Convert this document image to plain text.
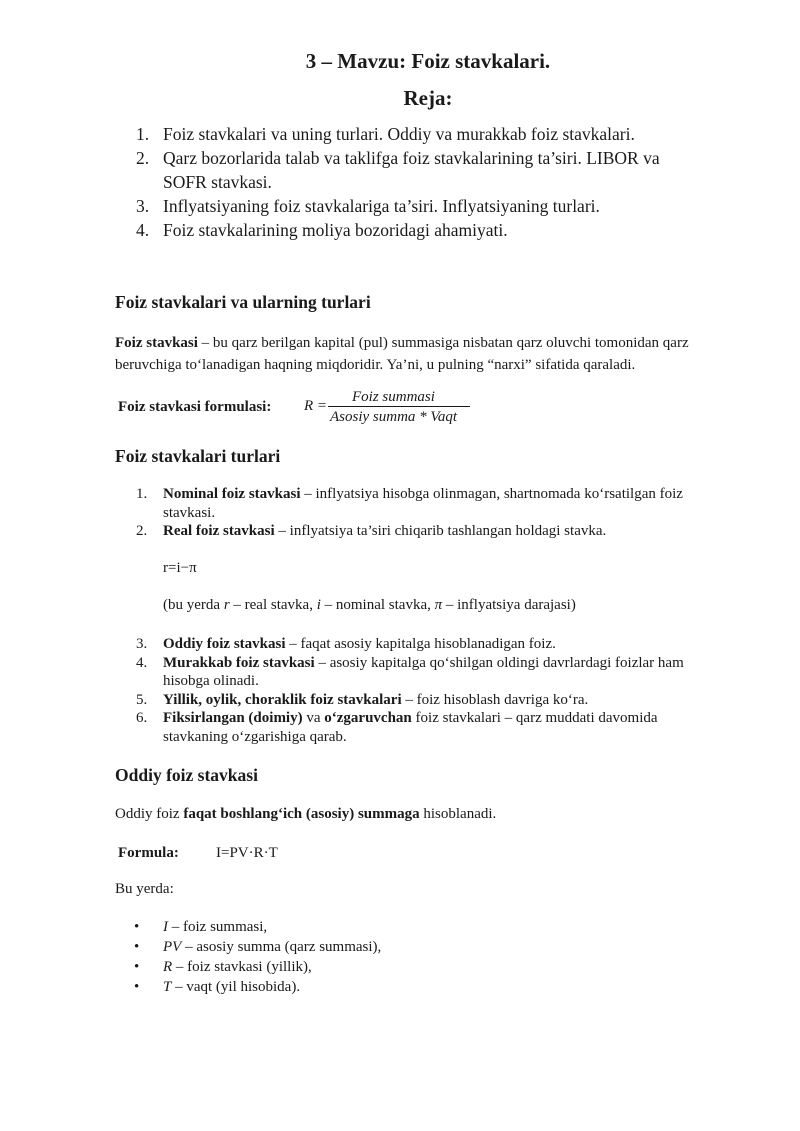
3 – Mavzu: Foiz stavkalari.
Reja:
1. Foiz stavkalari va uning turlari. Oddiy va murakkab foiz stavkalari.
2. Qarz bozorlarida talab va taklifga foiz stavkalarining ta’siri. LIBOR va SOFR stavkasi.
3. Inflyatsiyaning foiz stavkalariga ta’siri. Inflyatsiyaning turlari.
4. Foiz stavkalarining moliya bozoridagi ahamiyati.
Foiz stavkalari va ularning turlari
Foiz stavkasi – bu qarz berilgan kapital (pul) summasiga nisbatan qarz oluvchi tomonidan qarz beruvchiga to‘lanadigan haqning miqdoridir. Ya’ni, u pulning “narxi” sifatida qaraladi.
Foiz stavkasi formulasi: R =
Foiz summasi
Asosiy summa * Vaqt
Foiz stavkalari turlari
1.	Nominal foiz stavkasi – inflyatsiya hisobga olinmagan, shartnomada ko‘rsatilgan foiz stavkasi.
2.	Real foiz stavkasi – inflyatsiya ta’siri chiqarib tashlangan holdagi stavka.
r=i−π
(bu yerda r – real stavka, i – nominal stavka, π – inflyatsiya darajasi)
3.	Oddiy foiz stavkasi – faqat asosiy kapitalga hisoblanadigan foiz.
4.	Murakkab foiz stavkasi – asosiy kapitalga qo‘shilgan oldingi davrlardagi foizlar ham hisobga olinadi.
5.	Yillik, oylik, choraklik foiz stavkalari – foiz hisoblash davriga ko‘ra.
6.	Fiksirlangan (doimiy) va o‘zgaruvchan foiz stavkalari – qarz muddati davomida stavkaning o‘zgarishiga qarab.
Oddiy foiz stavkasi
Oddiy foiz faqat boshlang‘ich (asosiy) summaga hisoblanadi.
Formula: I=PV·R·T
Bu yerda:
•	I – foiz summasi,
•	PV – asosiy summa (qarz summasi),
•	R – foiz stavkasi (yillik),
•	T – vaqt (yil hisobida).
